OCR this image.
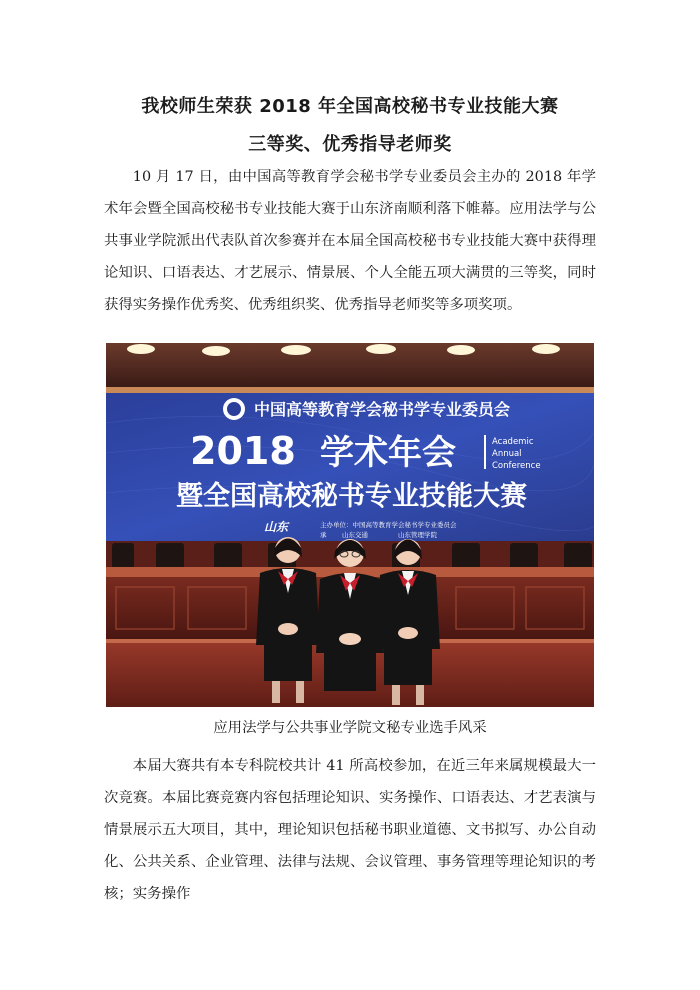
我校师生荣获 2018 年全国高校秘书专业技能大赛
三等奖、优秀指导老师奖

10 月 17 日，由中国高等教育学会秘书学专业委员会主办的 2018 年学术年会暨全国高校秘书专业技能大赛于山东济南顺利落下帷幕。应用法学与公共事业学院派出代表队首次参赛并在本届全国高校秘书专业技能大赛中获得理论知识、口语表达、才艺展示、情景展、个人全能五项大满贯的三等奖，同时获得实务操作优秀奖、优秀组织奖、优秀指导老师奖等多项奖项。

中国高等教育学会秘书学专业委员会
2018 学术年会	Academic
Annual
Conference
暨全国高校秘书专业技能大赛
山东	主办单位：中国高等教育学会秘书学专业委员会
承 山东交通	山东管理学院
应用法学与公共事业学院文秘专业选手风采

本届大赛共有本专科院校共计 41 所高校参加，在近三年来属规模最大一次竞赛。本届比赛竞赛内容包括理论知识、实务操作、口语表达、才艺表演与情景展示五大项目，其中，理论知识包括秘书职业道德、文书拟写、办公自动化、公共关系、企业管理、法律与法规、会议管理、事务管理等理论知识的考核；实务操作
